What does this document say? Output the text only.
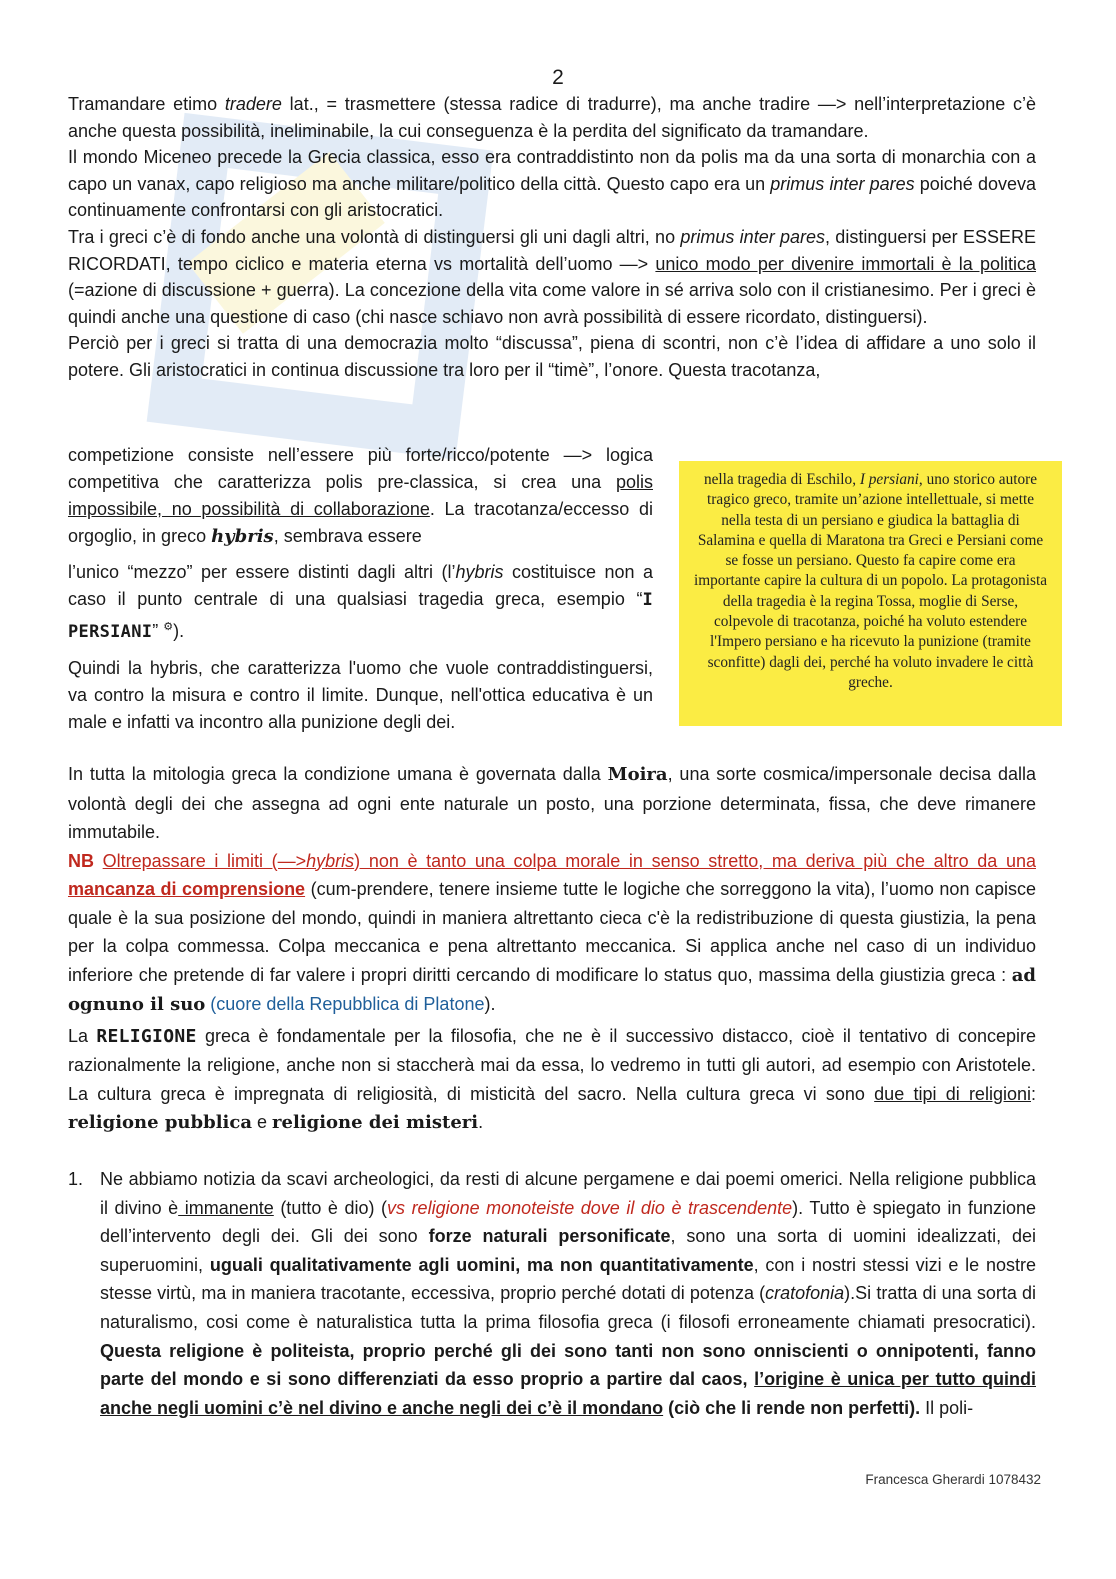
2

Tramandare etimo tradere lat., = trasmettere (stessa radice di tradurre), ma anche tradire —> nell’interpretazione c’è anche questa possibilità, ineliminabile, la cui conseguenza è la perdita del significato da tramandare.

Il mondo Miceneo precede la Grecia classica, esso era contraddistinto non da polis ma da una sorta di monarchia con a capo un vanax, capo religioso ma anche militare/politico della città. Questo capo era un primus inter pares poiché doveva continuamente confrontarsi con gli aristocratici.

Tra i greci c’è di fondo anche una volontà di distinguersi gli uni dagli altri, no primus inter pares, distinguersi per ESSERE RICORDATI, tempo ciclico e materia eterna vs mortalità dell’uomo —> unico modo per divenire immortali è la politica (=azione di discussione + guerra). La concezione della vita come valore in sé arriva solo con il cristianesimo. Per i greci è quindi anche una questione di caso (chi nasce schiavo non avrà possibilità di essere ricordato, distinguersi).

Perciò per i greci si tratta di una democrazia molto “discussa”, piena di scontri, non c’è l’idea di affidare a uno solo il potere. Gli aristocratici in continua discussione tra loro per il “timè”, l’onore. Questa tracotanza,

competizione consiste nell’essere più forte/ricco/potente —> logica competitiva che caratterizza polis pre-classica, si crea una polis impossibile, no possibilità di collaborazione. La tracotanza/eccesso di orgoglio, in greco hybris, sembrava essere

l’unico “mezzo” per essere distinti dagli altri (l’hybris costituisce non a caso il punto centrale di una qualsiasi tragedia greca, esempio “I PERSIANI” ⚙).

Quindi la hybris, che caratterizza l'uomo che vuole contraddistinguersi, va contro la misura e contro il limite. Dunque, nell'ottica educativa è un male e infatti va incontro alla punizione degli dei.

nella tragedia di Eschilo, I persiani, uno storico autore tragico greco, tramite un’azione intellettuale, si mette nella testa di un persiano e giudica la battaglia di Salamina e quella di Maratona tra Greci e Persiani come se fosse un persiano. Questo fa capire come era importante capire la cultura di un popolo. La protagonista della tragedia è la regina Tossa, moglie di Serse, colpevole di tracotanza, poiché ha voluto estendere l'Impero persiano e ha ricevuto la punizione (tramite sconfitte) dagli dei, perché ha voluto invadere le città greche.

In tutta la mitologia greca la condizione umana è governata dalla Moira, una sorte cosmica/impersonale decisa dalla volontà degli dei che assegna ad ogni ente naturale un posto, una porzione determinata, fissa, che deve rimanere immutabile.

NB Oltrepassare i limiti (—>hybris) non è tanto una colpa morale in senso stretto, ma deriva più che altro da una mancanza di comprensione (cum-prendere, tenere insieme tutte le logiche che sorreggono la vita), l’uomo non capisce quale è la sua posizione del mondo, quindi in maniera altrettanto cieca c'è la redistribuzione di questa giustizia, la pena per la colpa commessa. Colpa meccanica e pena altrettanto meccanica. Si applica anche nel caso di un individuo inferiore che pretende di far valere i propri diritti cercando di modificare lo status quo, massima della giustizia greca : ad ognuno il suo (cuore della Repubblica di Platone).

La RELIGIONE greca è fondamentale per la filosofia, che ne è il successivo distacco, cioè il tentativo di concepire razionalmente la religione, anche non si staccherà mai da essa, lo vedremo in tutti gli autori, ad esempio con Aristotele. La cultura greca è impregnata di religiosità, di misticità del sacro. Nella cultura greca vi sono due tipi di religioni: religione pubblica e religione dei misteri.

1. Ne abbiamo notizia da scavi archeologici, da resti di alcune pergamene e dai poemi omerici. Nella religione pubblica il divino è immanente (tutto è dio) (vs religione monoteiste dove il dio è trascendente). Tutto è spiegato in funzione dell’intervento degli dei. Gli dei sono forze naturali personificate, sono una sorta di uomini idealizzati, dei superuomini, uguali qualitativamente agli uomini, ma non quantitativamente, con i nostri stessi vizi e le nostre stesse virtù, ma in maniera tracotante, eccessiva, proprio perché dotati di potenza (cratofonia).Si tratta di una sorta di naturalismo, cosi come è naturalistica tutta la prima filosofia greca (i filosofi erroneamente chiamati presocratici). Questa religione è politeista, proprio perché gli dei sono tanti non sono onniscienti o onnipotenti, fanno parte del mondo e si sono differenziati da esso proprio a partire dal caos, l’origine è unica per tutto quindi anche negli uomini c’è nel divino e anche negli dei c’è il mondano (ciò che li rende non perfetti). Il poli-
Francesca Gherardi 1078432
